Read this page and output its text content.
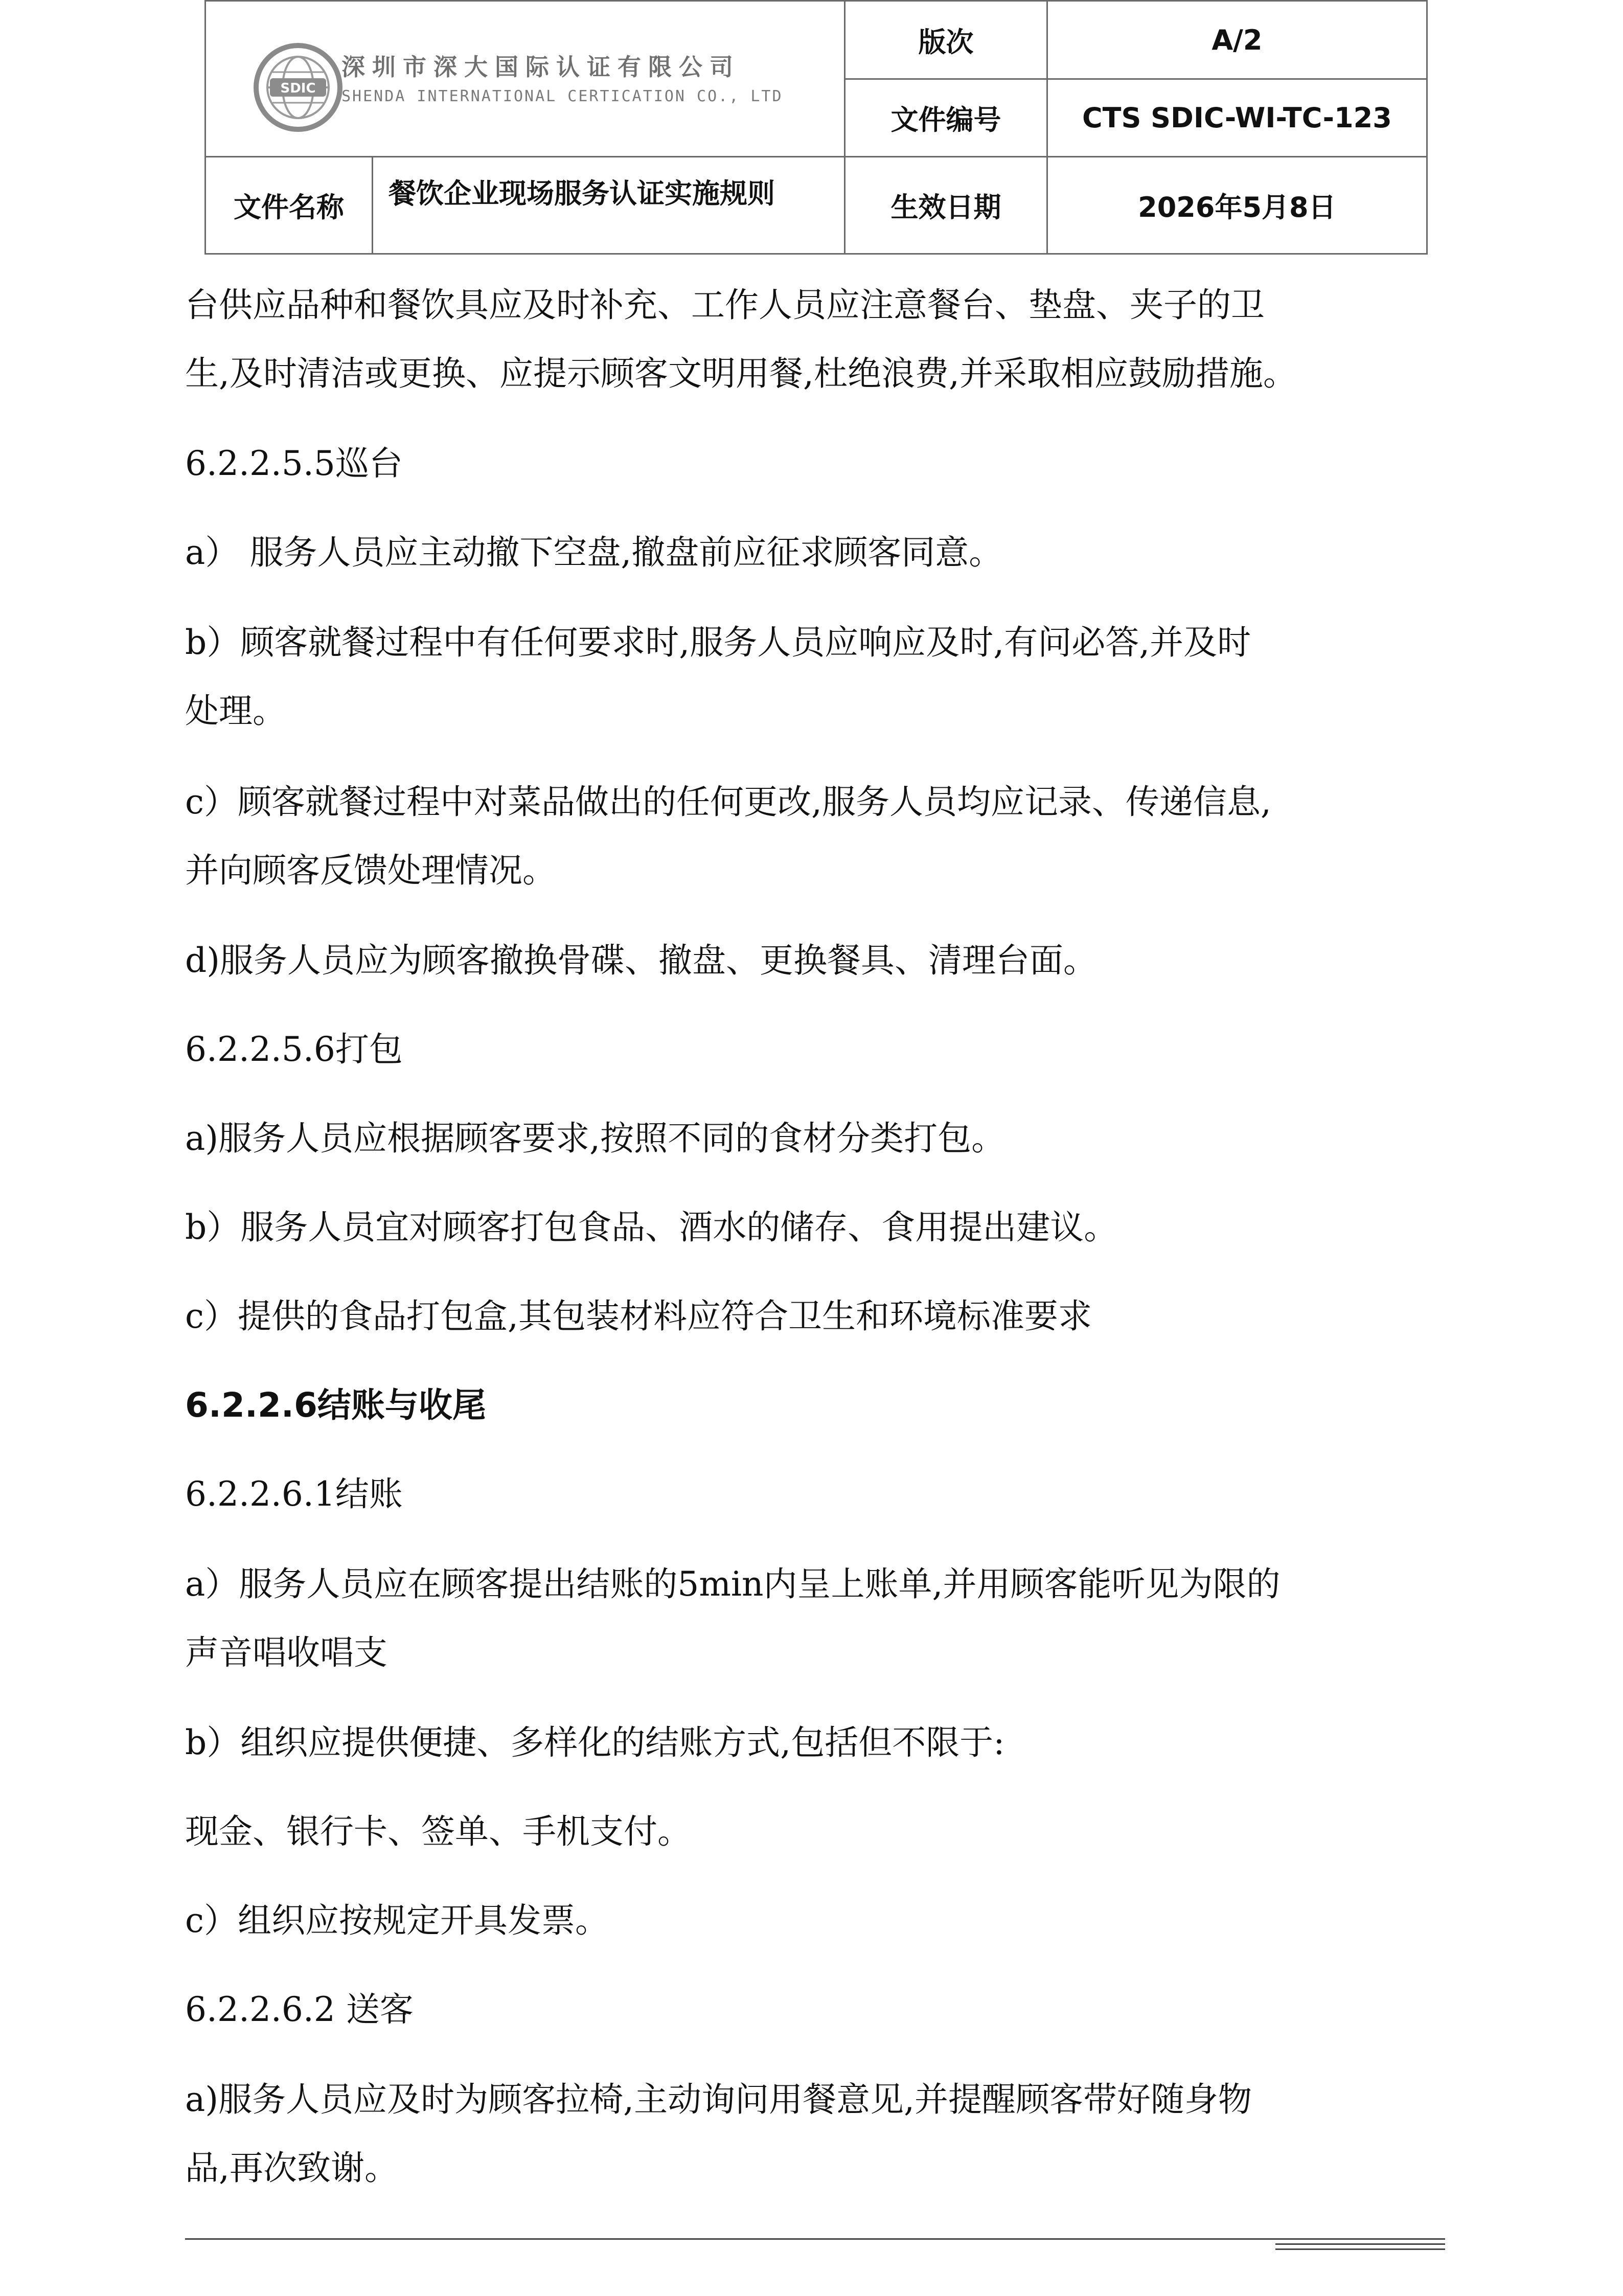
SDIC
深圳市深大国际认证有限公司
SHENDA INTERNATIONAL CERTICATION CO., LTD		版次	A/2
		文件编号	CTS SDIC-WI-TC-123
文件名称	餐饮企业现场服务认证实施规则	生效日期	2026年5月8日
台供应品种和餐饮具应及时补充、工作人员应注意餐台、垫盘、夹子的卫
生,及时清洁或更换、应提示顾客文明用餐,杜绝浪费,并采取相应鼓励措施。
6.2.2.5.5巡台
a） 服务人员应主动撤下空盘,撤盘前应征求顾客同意。
b）顾客就餐过程中有任何要求时,服务人员应响应及时,有问必答,并及时
处理。
c）顾客就餐过程中对菜品做出的任何更改,服务人员均应记录、传递信息,
并向顾客反馈处理情况。
d)服务人员应为顾客撤换骨碟、撤盘、更换餐具、清理台面。
6.2.2.5.6打包
a)服务人员应根据顾客要求,按照不同的食材分类打包。
b）服务人员宜对顾客打包食品、酒水的储存、食用提出建议。
c）提供的食品打包盒,其包装材料应符合卫生和环境标准要求
6.2.2.6结账与收尾
6.2.2.6.1结账
a）服务人员应在顾客提出结账的5min内呈上账单,并用顾客能听见为限的
声音唱收唱支
b）组织应提供便捷、多样化的结账方式,包括但不限于:
现金、银行卡、签单、手机支付。
c）组织应按规定开具发票。
6.2.2.6.2 送客
a)服务人员应及时为顾客拉椅,主动询问用餐意见,并提醒顾客带好随身物
品,再次致谢。
